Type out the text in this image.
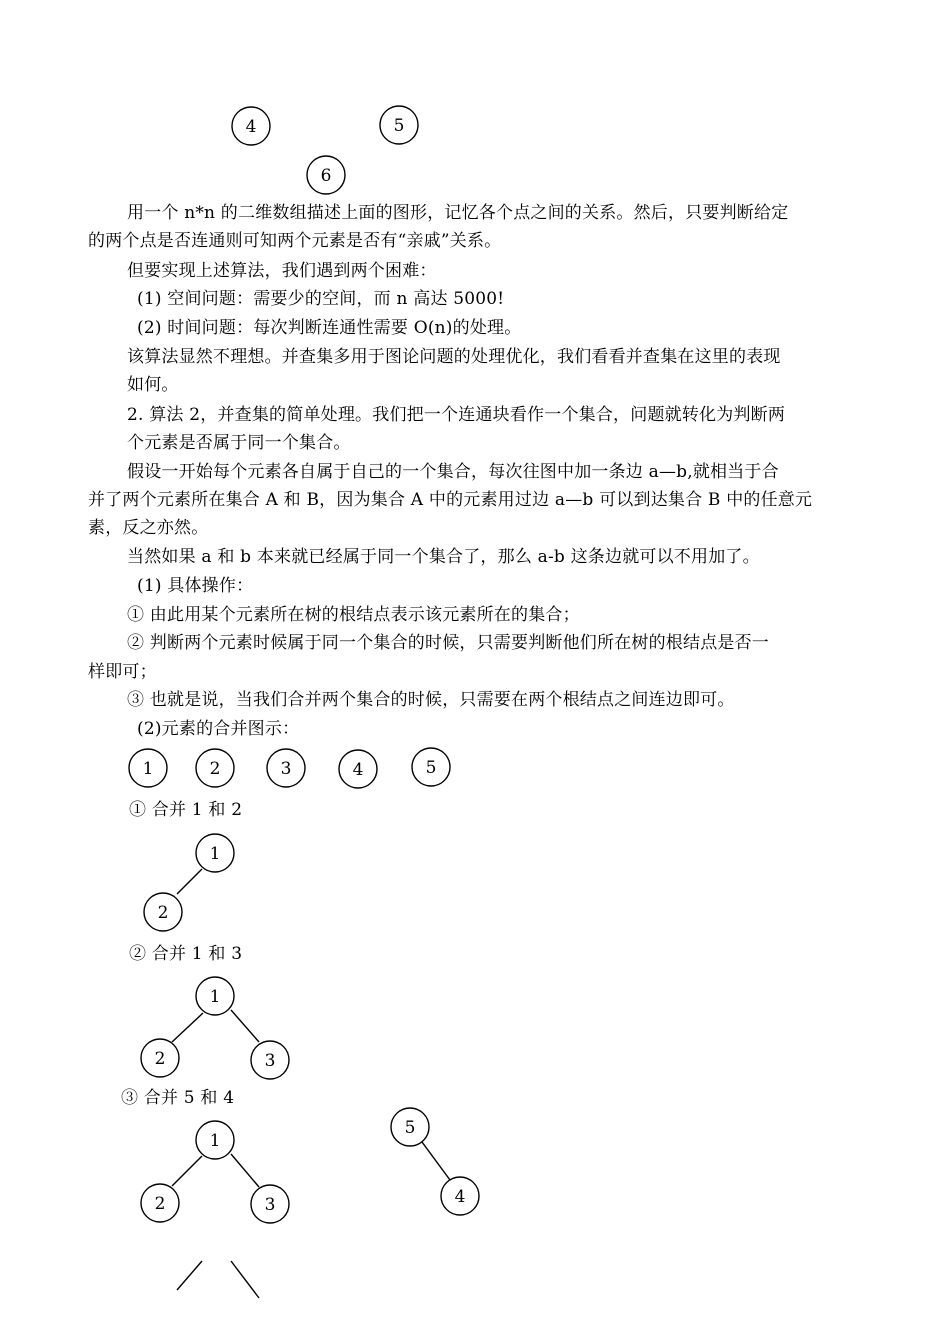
4	5
6
1	2	3	4	5
1
2
1
2	3
1
2	3
5
4
用一个 n*n 的二维数组描述上面的图形，记忆各个点之间的关系。然后，只要判断给定
的两个点是否连通则可知两个元素是否有“亲戚”关系。
但要实现上述算法，我们遇到两个困难：
(1) 空间问题：需要少的空间，而 n 高达 5000!
(2) 时间问题：每次判断连通性需要 O(n)的处理。
该算法显然不理想。并查集多用于图论问题的处理优化，我们看看并查集在这里的表现
如何。
2. 算法 2，并查集的简单处理。我们把一个连通块看作一个集合，问题就转化为判断两
个元素是否属于同一个集合。
假设一开始每个元素各自属于自己的一个集合，每次往图中加一条边 a—b,就相当于合
并了两个元素所在集合 A 和 B，因为集合 A 中的元素用过边 a—b 可以到达集合 B 中的任意元
素，反之亦然。
当然如果 a 和 b 本来就已经属于同一个集合了，那么 a-b 这条边就可以不用加了。
(1) 具体操作：
① 由此用某个元素所在树的根结点表示该元素所在的集合；
② 判断两个元素时候属于同一个集合的时候，只需要判断他们所在树的根结点是否一
样即可；
③ 也就是说，当我们合并两个集合的时候，只需要在两个根结点之间连边即可。
(2)元素的合并图示：
① 合并 1 和 2
② 合并 1 和 3
③ 合并 5 和 4
